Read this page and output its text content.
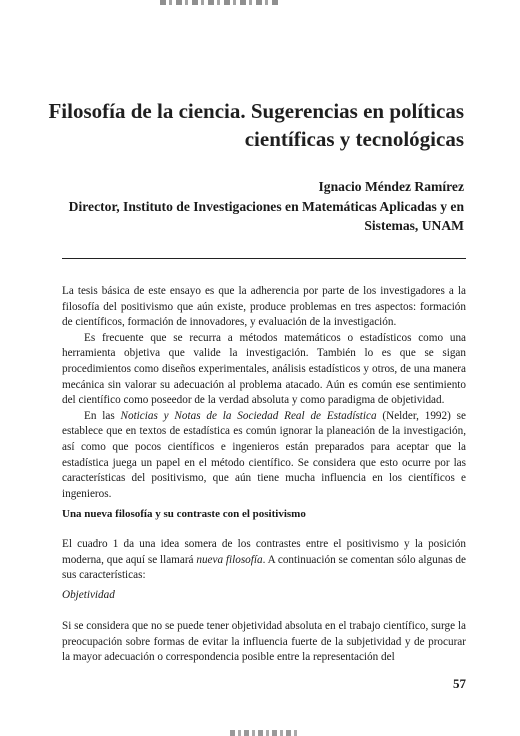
Filosofía de la ciencia. Sugerencias en políticas científicas y tecnológicas
Ignacio Méndez Ramírez
Director, Instituto de Investigaciones en Matemáticas Aplicadas y en Sistemas, UNAM

La tesis básica de este ensayo es que la adherencia por parte de los investigadores a la filosofía del positivismo que aún existe, produce problemas en tres aspectos: formación de científicos, formación de innovadores, y evaluación de la investigación.

Es frecuente que se recurra a métodos matemáticos o estadísticos como una herramienta objetiva que valide la investigación. También lo es que se sigan procedimientos como diseños experimentales, análisis estadísticos y otros, de una manera mecánica sin valorar su adecuación al problema atacado. Aún es común ese sentimiento del científico como poseedor de la verdad absoluta y como paradigma de objetividad.

En las Noticias y Notas de la Sociedad Real de Estadística (Nelder, 1992) se establece que en textos de estadística es común ignorar la planeación de la investigación, así como que pocos científicos e ingenieros están preparados para aceptar que la estadística juega un papel en el método científico. Se considera que esto ocurre por las características del positivismo, que aún tiene mucha influencia en los científicos e ingenieros.

Una nueva filosofía y su contraste con el positivismo

El cuadro 1 da una idea somera de los contrastes entre el positivismo y la posición moderna, que aquí se llamará nueva filosofía. A continuación se comentan sólo algunas de sus características:

Objetividad

Si se considera que no se puede tener objetividad absoluta en el trabajo científico, surge la preocupación sobre formas de evitar la influencia fuerte de la subjetividad y de procurar la mayor adecuación o correspondencia posible entre la representación del

57
